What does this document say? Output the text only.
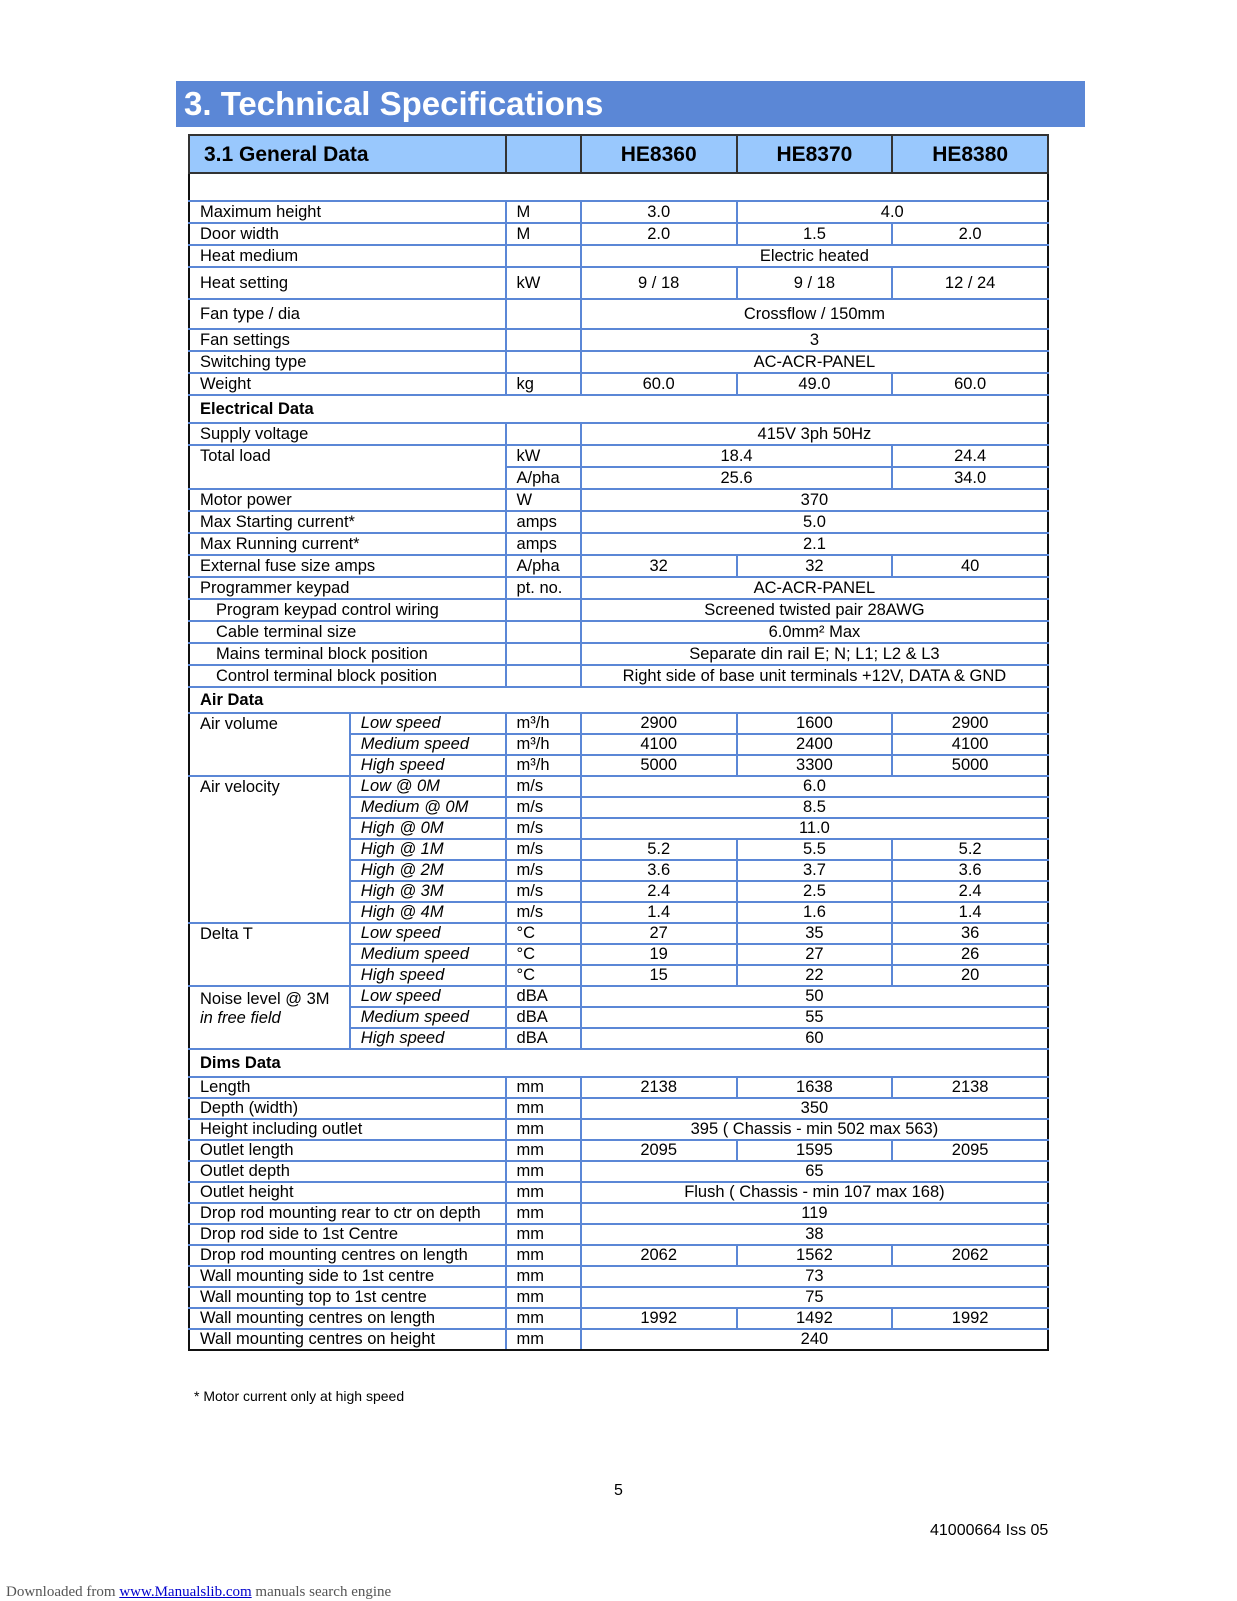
3. Technical Specifications
3.1 General Data			HE8360	HE8370	HE8380

Maximum height		M	3.0	4.0	
Door width		M	2.0	1.5	2.0
Heat medium			Electric heated		
Heat setting		kW	9 / 18	9 / 18	12 / 24
Fan type / dia			Crossflow / 150mm		
Fan settings			3		
Switching type			AC-ACR-PANEL		
Weight		kg	60.0	49.0	60.0
Electrical Data					
Supply voltage			415V 3ph 50Hz		
Total load		kW	18.4		24.4
		A/pha	25.6		34.0
Motor power		W	370		
Max Starting current*		amps	5.0		
Max Running current*		amps	2.1		
External fuse size amps		A/pha	32	32	40
Programmer keypad		pt. no.	AC-ACR-PANEL		
Program keypad control wiring			Screened twisted pair 28AWG		
Cable terminal size			6.0mm² Max		
Mains terminal block position			Separate din rail E; N; L1; L2 & L3		
Control terminal block position			Right side of base unit terminals +12V, DATA & GND		
Air Data					
Air volume	Low speed	m³/h	2900	1600	2900
	Medium speed	m³/h	4100	2400	4100
	High speed	m³/h	5000	3300	5000
Air velocity	Low @ 0M	m/s	6.0		
	Medium @ 0M	m/s	8.5		
	High @ 0M	m/s	11.0		
	High @ 1M	m/s	5.2	5.5	5.2
	High @ 2M	m/s	3.6	3.7	3.6
	High @ 3M	m/s	2.4	2.5	2.4
	High @ 4M	m/s	1.4	1.6	1.4
Delta T	Low speed	°C	27	35	36
	Medium speed	°C	19	27	26
	High speed	°C	15	22	20
Noise level @ 3M
in free field	Low speed	dBA	50		
	Medium speed	dBA	55		
	High speed	dBA	60		
Dims Data					
Length		mm	2138	1638	2138
Depth (width)		mm	350		
Height including outlet		mm	395 ( Chassis - min 502 max 563)		
Outlet length		mm	2095	1595	2095
Outlet depth		mm	65		
Outlet height		mm	Flush ( Chassis - min 107 max 168)		
Drop rod mounting rear to ctr on depth		mm	119		
Drop rod side to 1st Centre		mm	38		
Drop rod mounting centres on length		mm	2062	1562	2062
Wall mounting side to 1st centre		mm	73		
Wall mounting top to 1st centre		mm	75		
Wall mounting centres on length		mm	1992	1492	1992
Wall mounting centres on height		mm	240		
* Motor current only at high speed
5
41000664 Iss 05
Downloaded from www.Manualslib.com manuals search engine
